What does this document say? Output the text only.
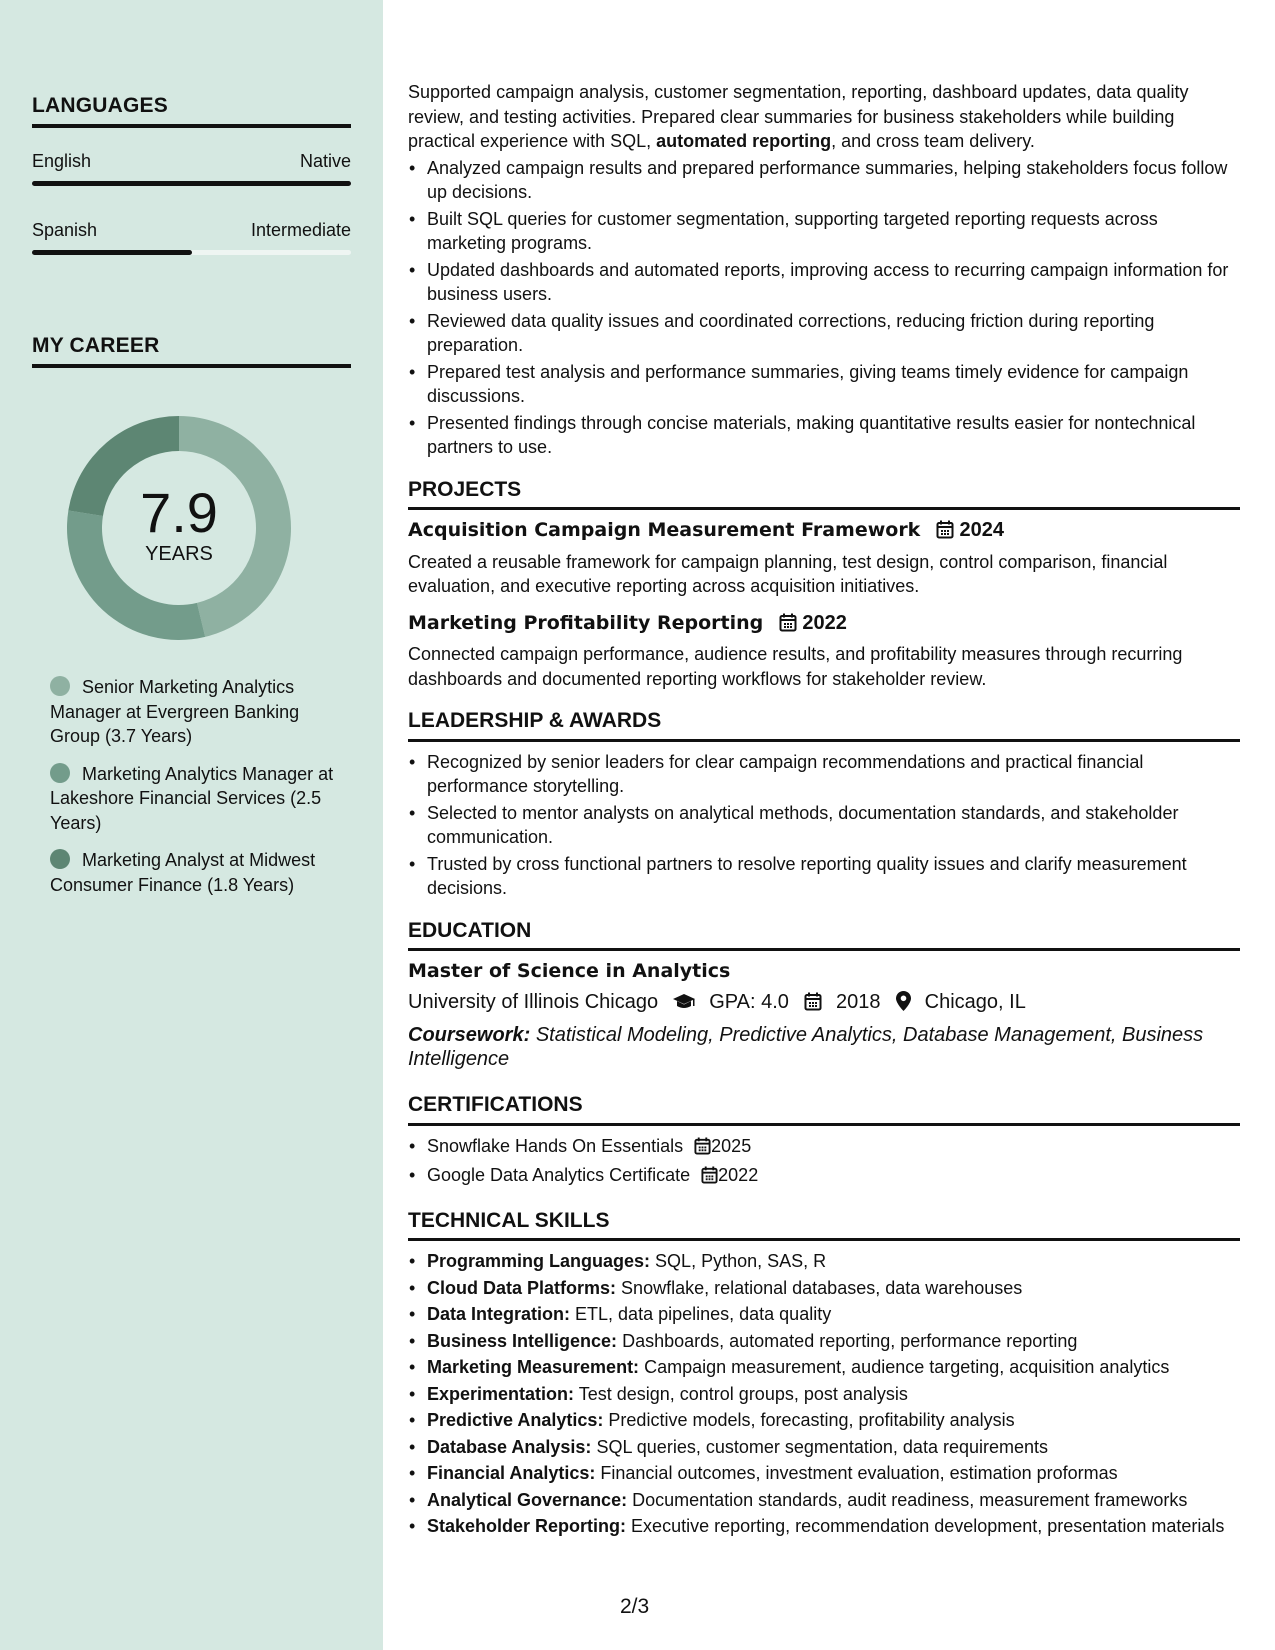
LANGUAGES
English	Native
Spanish	Intermediate
MY CAREER
7.9
YEARS
Senior Marketing Analytics Manager at Evergreen Banking Group (3.7 Years)
Marketing Analytics Manager at Lakeshore Financial Services (2.5 Years)
Marketing Analyst at Midwest Consumer Finance (1.8 Years)

Supported campaign analysis, customer segmentation, reporting, dashboard updates, data quality review, and testing activities. Prepared clear summaries for business stakeholders while building practical experience with SQL, automated reporting, and cross team delivery.

• Analyzed campaign results and prepared performance summaries, helping stakeholders focus follow up decisions.
• Built SQL queries for customer segmentation, supporting targeted reporting requests across marketing programs.
• Updated dashboards and automated reports, improving access to recurring campaign information for business users.
• Reviewed data quality issues and coordinated corrections, reducing friction during reporting preparation.
• Prepared test analysis and performance summaries, giving teams timely evidence for campaign discussions.
• Presented findings through concise materials, making quantitative results easier for nontechnical partners to use.
PROJECTS
Acquisition Campaign Measurement Framework 2024

Created a reusable framework for campaign planning, test design, control comparison, financial evaluation, and executive reporting across acquisition initiatives.

Marketing Profitability Reporting 2022

Connected campaign performance, audience results, and profitability measures through recurring dashboards and documented reporting workflows for stakeholder review.

LEADERSHIP & AWARDS
• Recognized by senior leaders for clear campaign recommendations and practical financial performance storytelling.
• Selected to mentor analysts on analytical methods, documentation standards, and stakeholder communication.
• Trusted by cross functional partners to resolve reporting quality issues and clarify measurement decisions.
EDUCATION
Master of Science in Analytics
University of Illinois Chicago	GPA: 4.0 2018 Chicago, IL
Coursework: Statistical Modeling, Predictive Analytics, Database Management, Business Intelligence
CERTIFICATIONS
• Snowflake Hands On Essentials 2025
• Google Data Analytics Certificate 2022
TECHNICAL SKILLS
• Programming Languages: SQL, Python, SAS, R
• Cloud Data Platforms: Snowflake, relational databases, data warehouses
• Data Integration: ETL, data pipelines, data quality
• Business Intelligence: Dashboards, automated reporting, performance reporting
• Marketing Measurement: Campaign measurement, audience targeting, acquisition analytics
• Experimentation: Test design, control groups, post analysis
• Predictive Analytics: Predictive models, forecasting, profitability analysis
• Database Analysis: SQL queries, customer segmentation, data requirements
• Financial Analytics: Financial outcomes, investment evaluation, estimation proformas
• Analytical Governance: Documentation standards, audit readiness, measurement frameworks
• Stakeholder Reporting: Executive reporting, recommendation development, presentation materials
2/3
